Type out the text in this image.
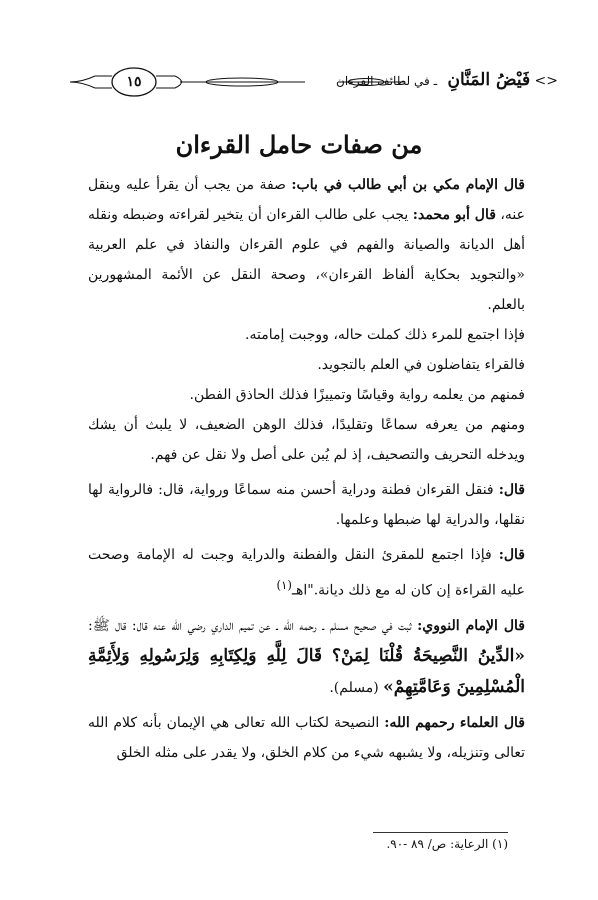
١٥	<> فَيْضُ المَنَّانِ ـ في لطائف القرءان
من صفات حامل القرءان

قال الإمام مكي بن أبي طالب في باب: صفة من يجب أن يقرأ عليه وينقل عنه، قال أبو محمد: يجب على طالب القرءان أن يتخير لقراءته وضبطه ونقله أهل الديانة والصيانة والفهم في علوم القرءان والنفاذ في علم العربية «والتجويد بحكاية ألفاظ القرءان»، وصحة النقل عن الأئمة المشهورين بالعلم.

فإذا اجتمع للمرء ذلك كملت حاله، ووجبت إمامته.

فالقراء يتفاضلون في العلم بالتجويد.

فمنهم من يعلمه رواية وقياسًا وتمييزًا فذلك الحاذق الفطن.

ومنهم من يعرفه سماعًا وتقليدًا، فذلك الوهن الضعيف، لا يلبث أن يشك ويدخله التحريف والتصحيف، إذ لم يُبن على أصل ولا نقل عن فهم.

قال: فنقل القرءان فطنة ودراية أحسن منه سماعًا ورواية، قال: فالرواية لها نقلها، والدراية لها ضبطها وعلمها.

قال: فإذا اجتمع للمقرئ النقل والفطنة والدراية وجبت له الإمامة وصحت عليه القراءة إن كان له مع ذلك ديانة."اهـ$^{(١)}$

قال الإمام النووي: ثبت في صحيح مسلم ـ رحمه الله ـ عن تميم الداري رضي الله عنه قال: قال ﷺ: «الدِّينُ النَّصِيحَةُ قُلْنَا لِمَنْ؟ قَالَ لِلَّهِ وَلِكِتَابِهِ وَلِرَسُولِهِ وَلِأَئِمَّةِ الْمُسْلِمِينَ وَعَامَّتِهِمْ» (مسلم).

قال العلماء رحمهم الله: النصيحة لكتاب الله تعالى هي الإيمان بأنه كلام الله تعالى وتنزيله، ولا يشبهه شيء من كلام الخلق، ولا يقدر على مثله الخلق

(١) الرعاية: ص/ ٨٩ -٩٠.
